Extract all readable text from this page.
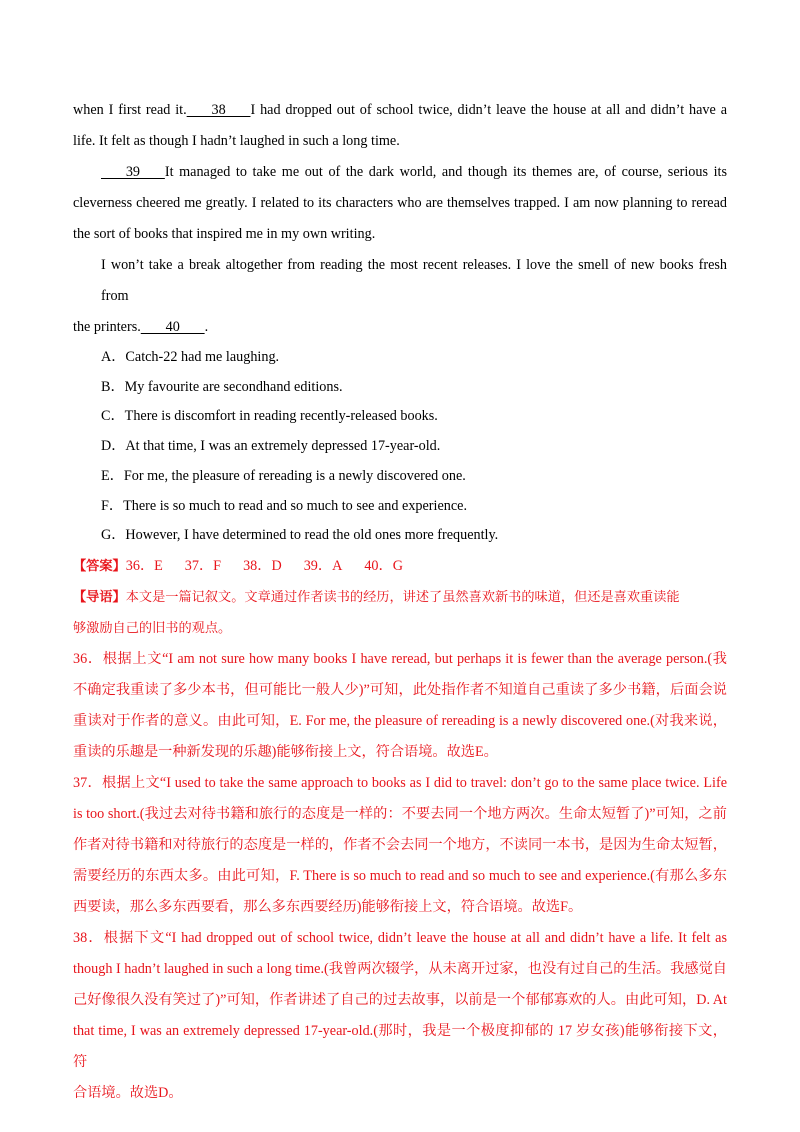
when I first read it.       38       I had dropped out of school twice, didn’t leave the house at all and didn’t have a

life. It felt as though I hadn’t laughed in such a long time.

39       It managed to take me out of the dark world, and though its themes are, of course, serious its

cleverness cheered me greatly. I related to its characters who are themselves trapped. I am now planning to reread

the sort of books that inspired me in my own writing.

I won’t take a break altogether from reading the most recent releases. I love the smell of new books fresh from

the printers.       40       .

A．Catch-22 had me laughing.

B．My favourite are secondhand editions.

C．There is discomfort in reading recently-released books.

D．At that time, I was an extremely depressed 17-year-old.

E．For me, the pleasure of rereading is a newly discovered one.

F．There is so much to read and so much to see and experience.

G．However, I have determined to read the old ones more frequently.

【答案】36．E 37．F 38．D 39．A 40．G

【导语】本文是一篇记叙文。文章通过作者读书的经历，讲述了虽然喜欢新书的味道，但还是喜欢重读能

够激励自己的旧书的观点。

36．根据上文“I am not sure how many books I have reread, but perhaps it is fewer than the average person.(我

不确定我重读了多少本书，但可能比一般人少)”可知，此处指作者不知道自己重读了多少书籍，后面会说

重读对于作者的意义。由此可知，E. For me, the pleasure of rereading is a newly discovered one.(对我来说，

重读的乐趣是一种新发现的乐趣)能够衔接上文，符合语境。故选E。

37．根据上文“I used to take the same approach to books as I did to travel: don’t go to the same place twice. Life

is too short.(我过去对待书籍和旅行的态度是一样的：不要去同一个地方两次。生命太短暂了)”可知，之前

作者对待书籍和对待旅行的态度是一样的，作者不会去同一个地方，不读同一本书，是因为生命太短暂，

需要经历的东西太多。由此可知，F. There is so much to read and so much to see and experience.(有那么多东

西要读，那么多东西要看，那么多东西要经历)能够衔接上文，符合语境。故选F。

38．根据下文“I had dropped out of school twice, didn’t leave the house at all and didn’t have a life. It felt as

though I hadn’t laughed in such a long time.(我曾两次辍学，从未离开过家，也没有过自己的生活。我感觉自

己好像很久没有笑过了)”可知，作者讲述了自己的过去故事，以前是一个郁郁寡欢的人。由此可知，D. At

that time, I was an extremely depressed 17-year-old.(那时，我是一个极度抑郁的 17 岁女孩)能够衔接下文，符

合语境。故选D。
